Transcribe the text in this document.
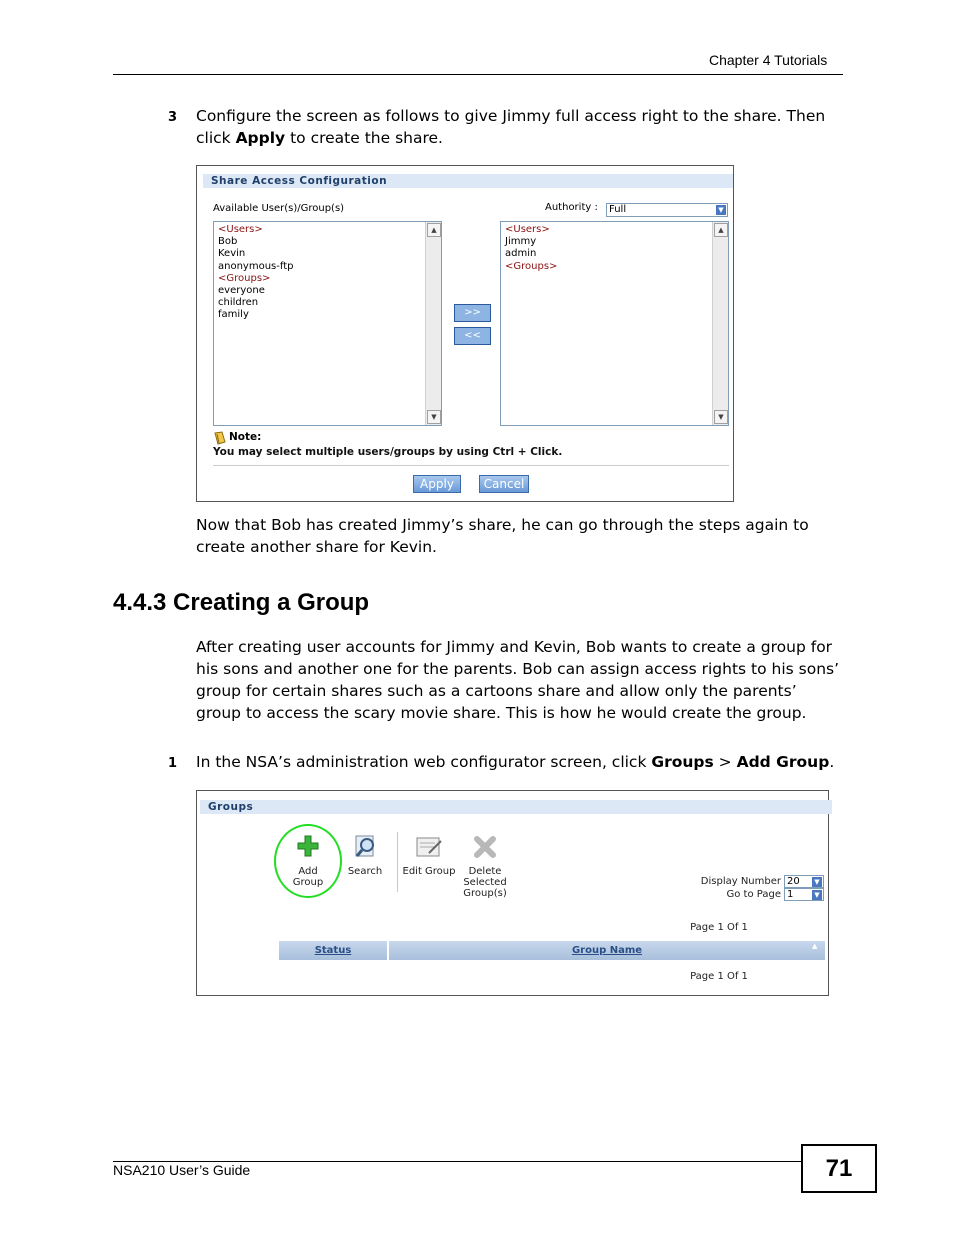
Chapter 4 Tutorials
3 Configure the screen as follows to give Jimmy full access right to the share. Then
click Apply to create the share.
Share Access Configuration
Available User(s)/Group(s)	Authority :	Full	▼
<Users>
Bob
Kevin
anonymous-ftp
<Groups>
everyone
children
family
▲
▼
>>
<<
<Users>
Jimmy
admin
<Groups>
▲
▼
Note:
You may select multiple users/groups by using Ctrl + Click.
Apply	Cancel
Now that Bob has created Jimmy’s share, he can go through the steps again to
create another share for Kevin.
4.4.3 Creating a Group
After creating user accounts for Jimmy and Kevin, Bob wants to create a group for
his sons and another one for the parents. Bob can assign access rights to his sons’
group for certain shares such as a cartoons share and allow only the parents’
group to access the scary movie share. This is how he would create the group.
1 In the NSA’s administration web configurator screen, click Groups > Add Group.
Groups
Add
Group
Search Edit Group	Delete
Selected
Group(s)
Display Number 20	▼
Go to Page 1	▼
Page 1 Of 1
Status	Group Name	▲
Page 1 Of 1
NSA210 User’s Guide	71
